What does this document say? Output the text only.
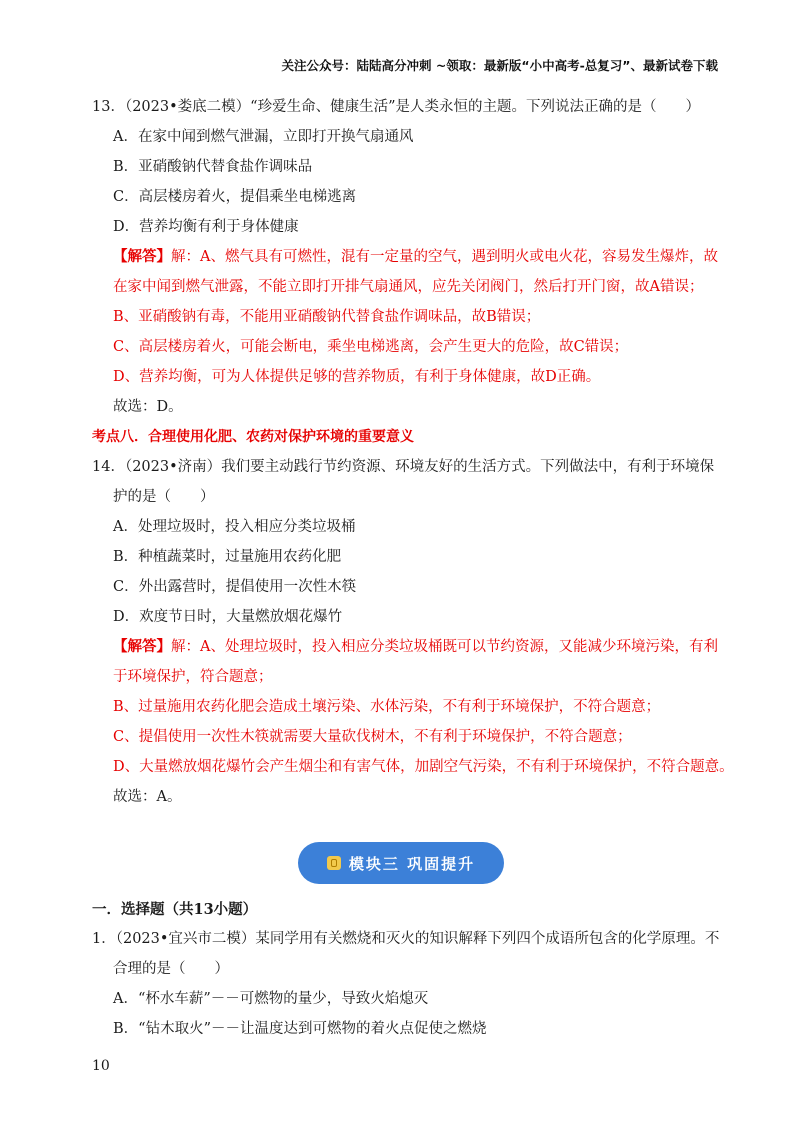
关注公众号：陆陆高分冲刺 ~领取：最新版“小中高考-总复习”、最新试卷下载
13．（2023•娄底二模）“珍爱生命、健康生活”是人类永恒的主题。下列说法正确的是（　　）
A．在家中闻到燃气泄漏，立即打开换气扇通风
B．亚硝酸钠代替食盐作调味品
C．高层楼房着火，提倡乘坐电梯逃离
D．营养均衡有利于身体健康
【解答】解：A、燃气具有可燃性，混有一定量的空气，遇到明火或电火花，容易发生爆炸，故
在家中闻到燃气泄露，不能立即打开排气扇通风，应先关闭阀门，然后打开门窗，故A错误；
B、亚硝酸钠有毒，不能用亚硝酸钠代替食盐作调味品，故B错误；
C、高层楼房着火，可能会断电，乘坐电梯逃离，会产生更大的危险，故C错误；
D、营养均衡，可为人体提供足够的营养物质，有利于身体健康，故D正确。
故选：D。
考点八．合理使用化肥、农药对保护环境的重要意义
14．（2023•济南）我们要主动践行节约资源、环境友好的生活方式。下列做法中，有利于环境保
护的是（　　）
A．处理垃圾时，投入相应分类垃圾桶
B．种植蔬菜时，过量施用农药化肥
C．外出露营时，提倡使用一次性木筷
D．欢度节日时，大量燃放烟花爆竹
【解答】解：A、处理垃圾时，投入相应分类垃圾桶既可以节约资源，又能减少环境污染，有利
于环境保护，符合题意；
B、过量施用农药化肥会造成土壤污染、水体污染，不有利于环境保护，不符合题意；
C、提倡使用一次性木筷就需要大量砍伐树木，不有利于环境保护，不符合题意；
D、大量燃放烟花爆竹会产生烟尘和有害气体，加剧空气污染，不有利于环境保护，不符合题意。
故选：A。
模块三 巩固提升
一．选择题（共13小题）
1．（2023•宜兴市二模）某同学用有关燃烧和灭火的知识解释下列四个成语所包含的化学原理。不
合理的是（　　）
A．“杯水车薪”－－可燃物的量少，导致火焰熄灭
B．“钻木取火”－－让温度达到可燃物的着火点促使之燃烧
10
